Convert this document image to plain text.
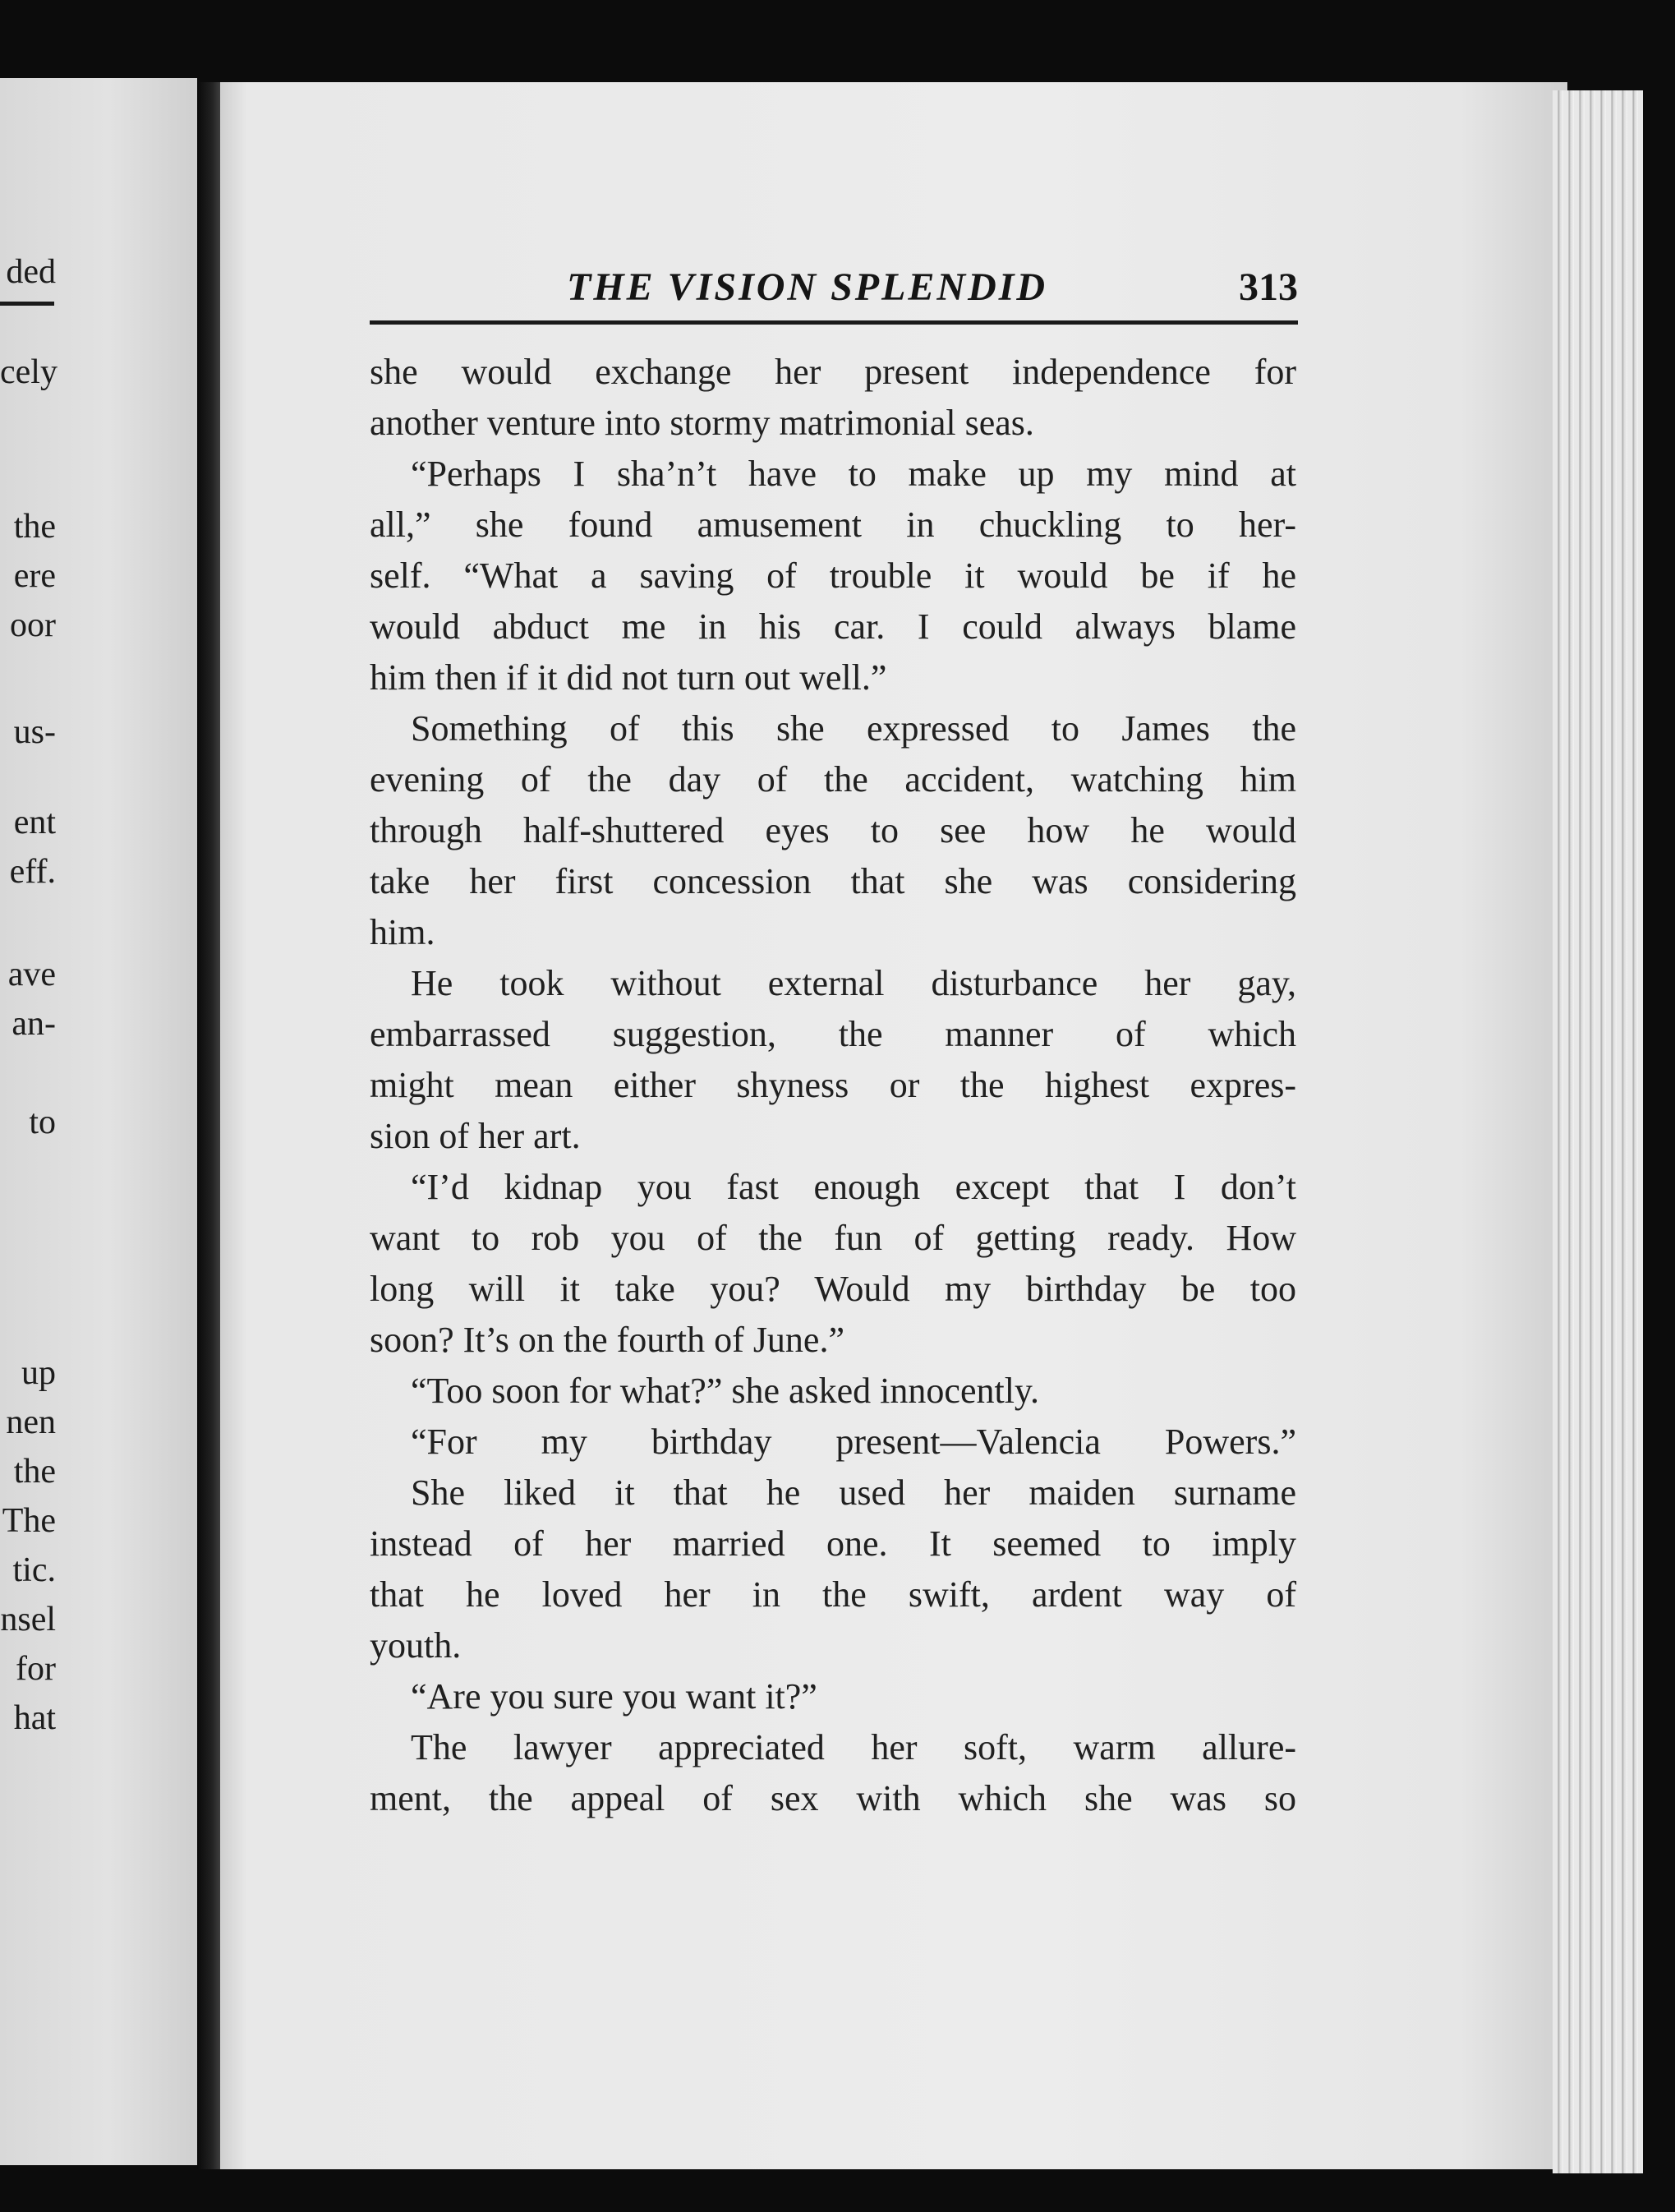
ded
cely
the
ere
oor
us-
ent
eff.
ave
an-
to
up
nen
the
The
tic.
nsel
for
hat
THE VISION SPLENDID	313
she would exchange her present independence for
another venture into stormy matrimonial seas.
“Perhaps I sha’n’t have to make up my mind at
all,” she found amusement in chuckling to her-
self. “What a saving of trouble it would be if he
would abduct me in his car. I could always blame
him then if it did not turn out well.”
Something of this she expressed to James the
evening of the day of the accident, watching him
through half-shuttered eyes to see how he would
take her first concession that she was considering
him.
He took without external disturbance her gay,
embarrassed suggestion, the manner of which
might mean either shyness or the highest expres-
sion of her art.
“I’d kidnap you fast enough except that I don’t
want to rob you of the fun of getting ready. How
long will it take you? Would my birthday be too
soon? It’s on the fourth of June.”
“Too soon for what?” she asked innocently.
“For my birthday present—Valencia Powers.”
She liked it that he used her maiden surname
instead of her married one. It seemed to imply
that he loved her in the swift, ardent way of
youth.
“Are you sure you want it?”
The lawyer appreciated her soft, warm allure-
ment, the appeal of sex with which she was so
